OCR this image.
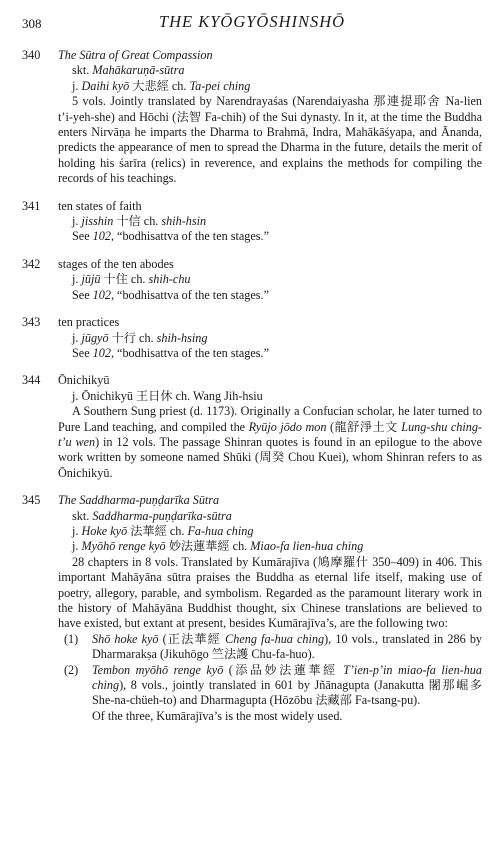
308	THE KYŌGYŌSHINSHŌ
340 The Sūtra of Great Compassion

skt. Mahākaruṇā-sūtra

j. Daihi kyō 大悲經 ch. Ta-pei ching

5 vols. Jointly translated by Narendrayaśas (Narendaiyasha 那連提耶舍 Na-lien t’i-yeh-she) and Hōchi (法智 Fa-chih) of the Sui dynasty. In it, at the time the Buddha enters Nirvāṇa he imparts the Dharma to Brahmā, Indra, Mahākāśyapa, and Ānanda, predicts the appearance of men to spread the Dharma in the future, details the merit of holding his śarīra (relics) in reverence, and explains the methods for compiling the records of his teachings.

341 ten states of faith

j. jisshin 十信 ch. shih-hsin

See 102, “bodhisattva of the ten stages.”

342 stages of the ten abodes

j. jūjū 十住 ch. shih-chu

See 102, “bodhisattva of the ten stages.”

343 ten practices

j. jūgyō 十行 ch. shih-hsing

See 102, “bodhisattva of the ten stages.”

344 Ōnichikyū

j. Ōnichikyū 王日休 ch. Wang Jih-hsiu

A Southern Sung priest (d. 1173). Originally a Confucian scholar, he later turned to Pure Land teaching, and compiled the Ryūjo jōdo mon (龍舒淨土文 Lung-shu ching-t’u wen) in 12 vols. The passage Shinran quotes is found in an epilogue to the above work written by someone named Shūki (周癸 Chou Kuei), whom Shinran refers to as Ōnichikyū.

345 The Saddharma-puṇḍarīka Sūtra

skt. Saddharma-puṇḍarīka-sūtra

j. Hoke kyō 法華經 ch. Fa-hua ching

j. Myōhō renge kyō 妙法蓮華經 ch. Miao-fa lien-hua ching

28 chapters in 8 vols. Translated by Kumārajīva (鳩摩羅什 350–409) in 406. This important Mahāyāna sūtra praises the Buddha as eternal life itself, making use of poetry, allegory, parable, and symbolism. Regarded as the paramount literary work in the history of Mahāyāna Buddhist thought, six Chinese translations are believed to have existed, but extant at present, besides Kumārajīva’s, are the following two:

(1) Shō hoke kyō (正法華經 Cheng fa-hua ching), 10 vols., translated in 286 by Dharmarakṣa (Jikuhōgo 竺法護 Chu-fa-huo).
(2) Tembon myōhō renge kyō (添品妙法蓮華經 T’ien-p’in miao-fa lien-hua ching), 8 vols., jointly translated in 601 by Jñānagupta (Janakutta 闍那崛多 She-na-chüeh-to) and Dharmagupta (Hōzōbu 法藏部 Fa-tsang-pu).

Of the three, Kumārajīva’s is the most widely used.
